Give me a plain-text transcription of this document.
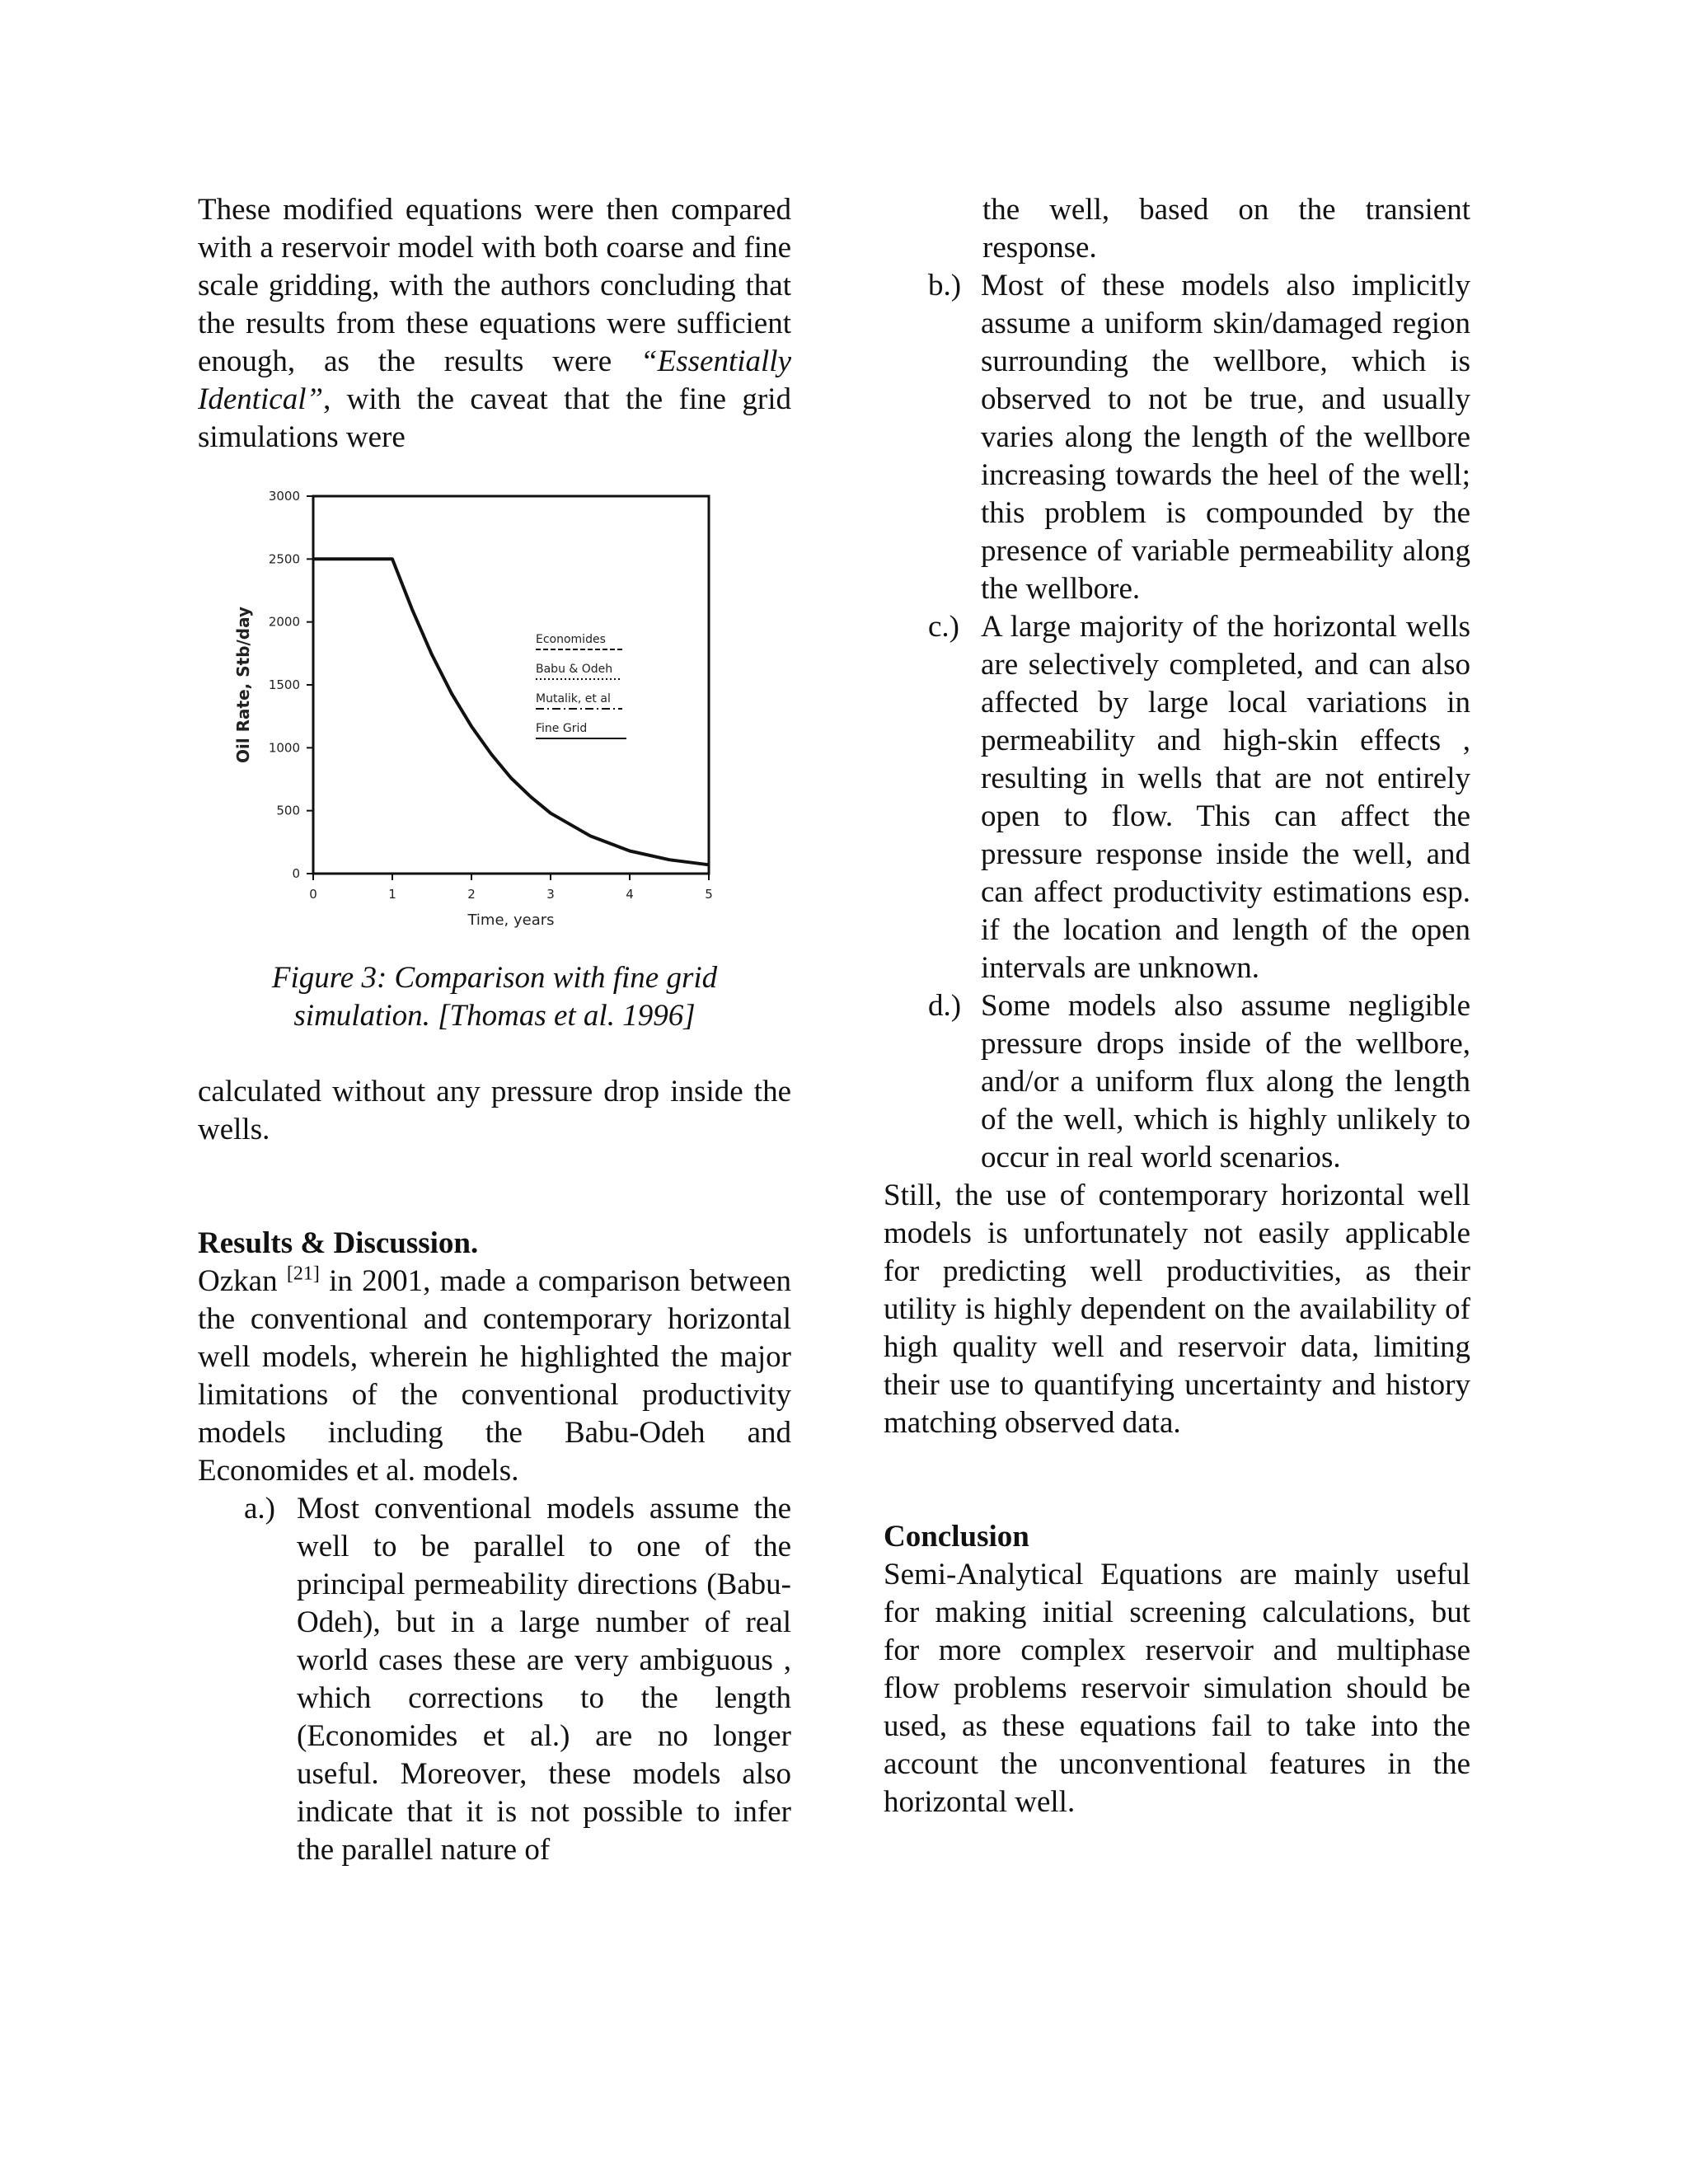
These modified equations were then compared with a reservoir model with both coarse and fine scale gridding, with the authors concluding that the results from these equations were sufficient enough, as the results were “Essentially Identical”, with the caveat that the fine grid simulations were

0
500
1000
1500
2000
2500
3000
0	1	2	3	4	5
Time, years
Oil Rate, Stb/day	Economides
Babu & Odeh
Mutalik, et al
Fine Grid
Figure 3: Comparison with fine grid
simulation. [Thomas et al. 1996]

calculated without any pressure drop inside the wells.

Results & Discussion.

Ozkan [21] in 2001, made a comparison between the conventional and contemporary horizontal well models, wherein he highlighted the major limitations of the conventional productivity models including the Babu-Odeh and Economides et al. models.

a.) Most conventional models assume the well to be parallel to one of the principal permeability directions (Babu-Odeh), but in a large number of real world cases these are very ambiguous , which corrections to the length (Economides et al.) are no longer useful. Moreover, these models also indicate that it is not possible to infer the parallel nature of

the well, based on the transient response.

b.) Most of these models also implicitly assume a uniform skin/damaged region surrounding the wellbore, which is observed to not be true, and usually varies along the length of the wellbore increasing towards the heel of the well; this problem is compounded by the presence of variable permeability along the wellbore.
c.) A large majority of the horizontal wells are selectively completed, and can also affected by large local variations in permeability and high-skin effects , resulting in wells that are not entirely open to flow. This can affect the pressure response inside the well, and can affect productivity estimations esp. if the location and length of the open intervals are unknown.
d.) Some models also assume negligible pressure drops inside of the wellbore, and/or a uniform flux along the length of the well, which is highly unlikely to occur in real world scenarios.

Still, the use of contemporary horizontal well models is unfortunately not easily applicable for predicting well productivities, as their utility is highly dependent on the availability of high quality well and reservoir data, limiting their use to quantifying uncertainty and history matching observed data.

Conclusion

Semi-Analytical Equations are mainly useful for making initial screening calculations, but for more complex reservoir and multiphase flow problems reservoir simulation should be used, as these equations fail to take into the account the unconventional features in the horizontal well.
